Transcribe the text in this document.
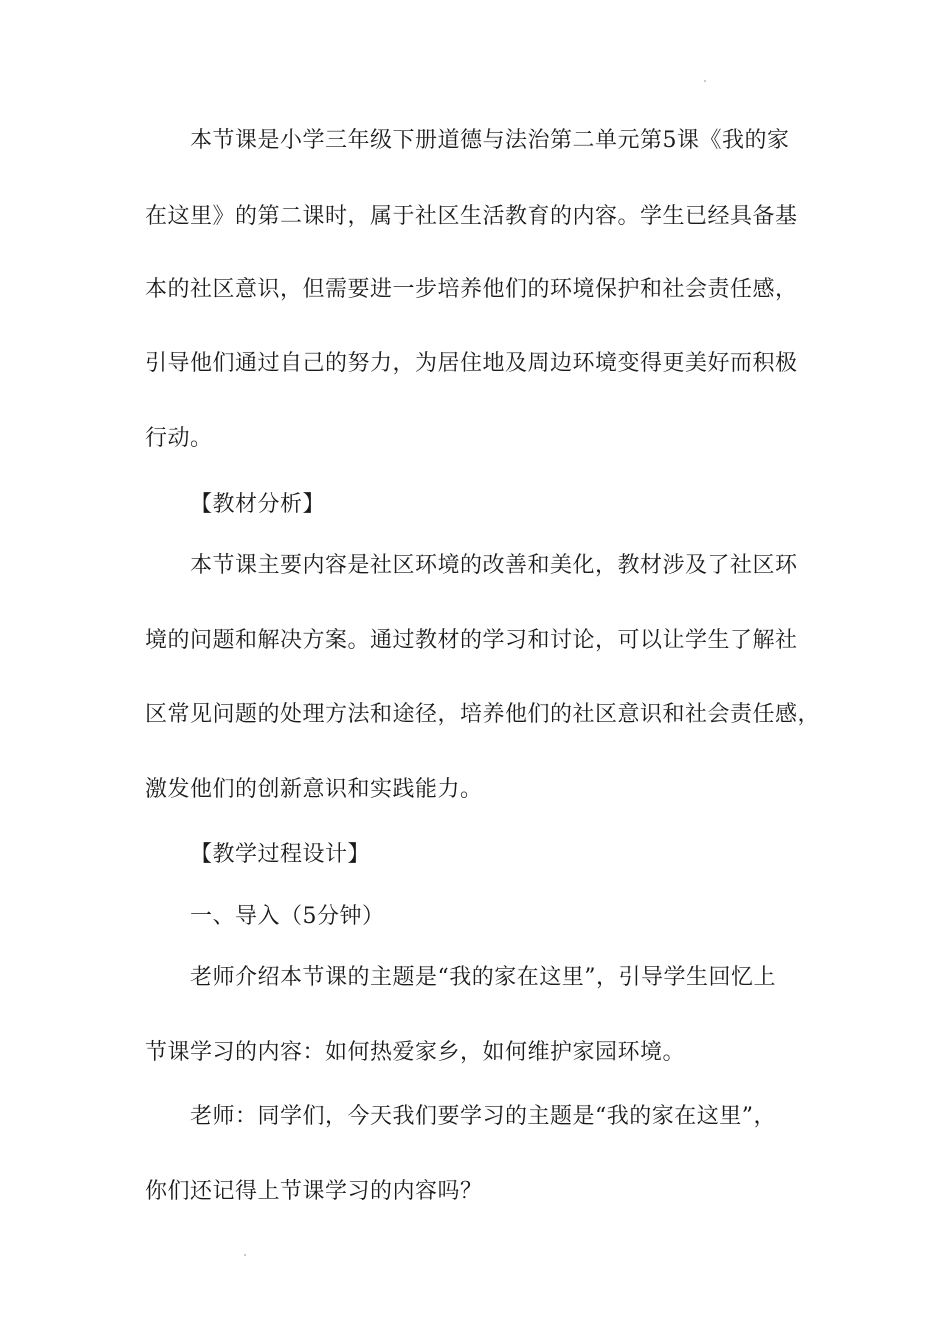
本节课是小学三年级下册道德与法治第二单元第5课《我的家
在这里》的第二课时，属于社区生活教育的内容。学生已经具备基
本的社区意识，但需要进一步培养他们的环境保护和社会责任感，
引导他们通过自己的努力，为居住地及周边环境变得更美好而积极
行动。
【教材分析】
本节课主要内容是社区环境的改善和美化，教材涉及了社区环
境的问题和解决方案。通过教材的学习和讨论，可以让学生了解社
区常见问题的处理方法和途径，培养他们的社区意识和社会责任感，
激发他们的创新意识和实践能力。
【教学过程设计】
一、导入（5分钟）
老师介绍本节课的主题是“我的家在这里”，引导学生回忆上
节课学习的内容：如何热爱家乡，如何维护家园环境。
老师：同学们，今天我们要学习的主题是“我的家在这里”，
你们还记得上节课学习的内容吗？
